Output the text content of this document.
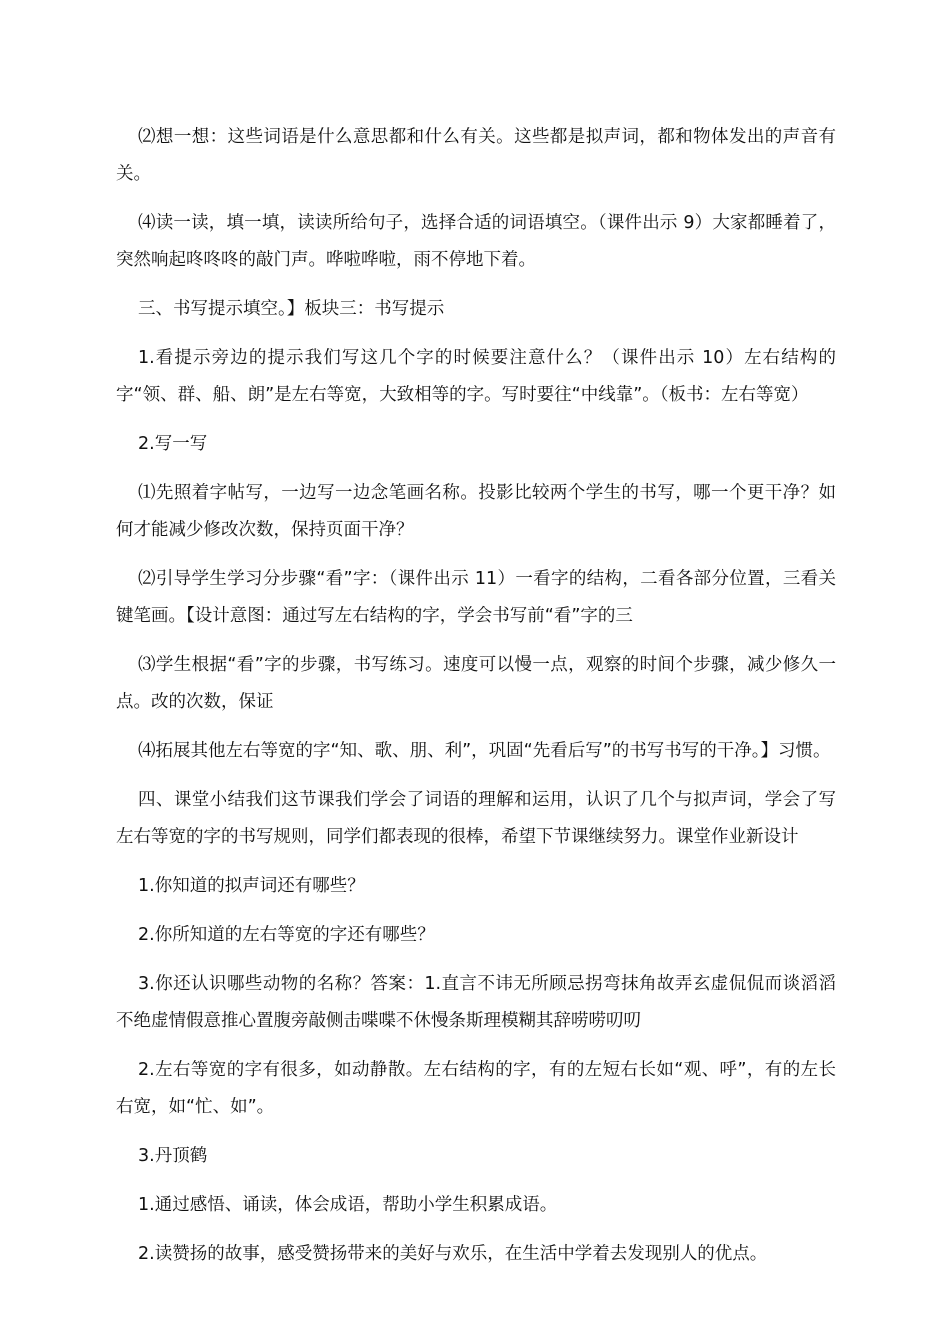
⑵想一想：这些词语是什么意思都和什么有关。这些都是拟声词，都和物体发出的声音有关。

⑷读一读，填一填，读读所给句子，选择合适的词语填空。（课件出示 9）大家都睡着了，突然响起咚咚咚的敲门声。哗啦哗啦，雨不停地下着。

三、书写提示填空。】板块三：书写提示

1.看提示旁边的提示我们写这几个字的时候要注意什么？（课件出示 10）左右结构的字“领、群、船、朗”是左右等宽，大致相等的字。写时要往“中线靠”。（板书：左右等宽）

2.写一写

⑴先照着字帖写，一边写一边念笔画名称。投影比较两个学生的书写，哪一个更干净？如何才能减少修改次数，保持页面干净？

⑵引导学生学习分步骤“看”字：（课件出示 11）一看字的结构，二看各部分位置，三看关键笔画。【设计意图：通过写左右结构的字，学会书写前“看”字的三

⑶学生根据“看”字的步骤，书写练习。速度可以慢一点，观察的时间个步骤，减少修久一点。改的次数，保证

⑷拓展其他左右等宽的字“知、歌、朋、利”，巩固“先看后写”的书写书写的干净。】习惯。

四、课堂小结我们这节课我们学会了词语的理解和运用，认识了几个与拟声词，学会了写左右等宽的字的书写规则，同学们都表现的很棒，希望下节课继续努力。课堂作业新设计

1.你知道的拟声词还有哪些？

2.你所知道的左右等宽的字还有哪些？

3.你还认识哪些动物的名称？答案：1.直言不讳无所顾忌拐弯抹角故弄玄虚侃侃而谈滔滔不绝虚情假意推心置腹旁敲侧击喋喋不休慢条斯理模糊其辞唠唠叨叨

2.左右等宽的字有很多，如动静散。左右结构的字，有的左短右长如“观、呼”，有的左长右宽，如“忙、如”。

3.丹顶鹤

1.通过感悟、诵读，体会成语，帮助小学生积累成语。

2.读赞扬的故事，感受赞扬带来的美好与欢乐，在生活中学着去发现别人的优点。
